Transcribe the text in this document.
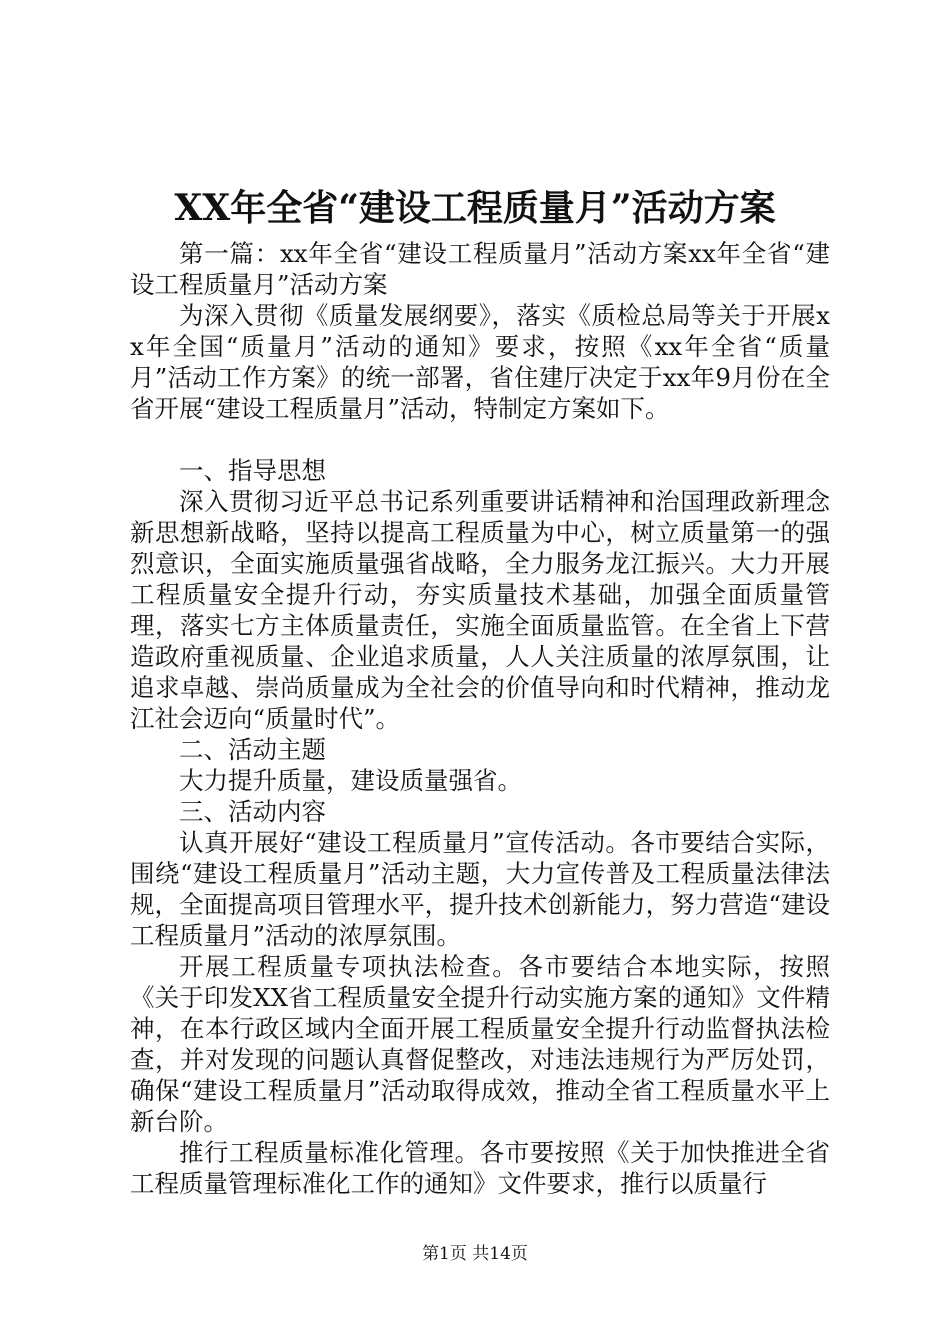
XX年全省“建设工程质量月”活动方案

第一篇：xx年全省“建设工程质量月”活动方案xx年全省“建设工程质量月”活动方案

为深入贯彻《质量发展纲要》，落实《质检总局等关于开展xx年全国“质量月”活动的通知》要求，按照《xx年全省“质量月”活动工作方案》的统一部署，省住建厅决定于xx年9月份在全省开展“建设工程质量月”活动，特制定方案如下。

一、指导思想

深入贯彻习近平总书记系列重要讲话精神和治国理政新理念新思想新战略，坚持以提高工程质量为中心，树立质量第一的强烈意识，全面实施质量强省战略，全力服务龙江振兴。大力开展工程质量安全提升行动，夯实质量技术基础，加强全面质量管理，落实七方主体质量责任，实施全面质量监管。在全省上下营造政府重视质量、企业追求质量，人人关注质量的浓厚氛围，让追求卓越、崇尚质量成为全社会的价值导向和时代精神，推动龙江社会迈向“质量时代”。

二、活动主题

大力提升质量，建设质量强省。

三、活动内容

认真开展好“建设工程质量月”宣传活动。各市要结合实际，围绕“建设工程质量月”活动主题，大力宣传普及工程质量法律法规，全面提高项目管理水平，提升技术创新能力，努力营造“建设工程质量月”活动的浓厚氛围。

开展工程质量专项执法检查。各市要结合本地实际，按照《关于印发XX省工程质量安全提升行动实施方案的通知》文件精神，在本行政区域内全面开展工程质量安全提升行动监督执法检查，并对发现的问题认真督促整改，对违法违规行为严厉处罚，确保“建设工程质量月”活动取得成效，推动全省工程质量水平上新台阶。

推行工程质量标准化管理。各市要按照《关于加快推进全省工程质量管理标准化工作的通知》文件要求，推行以质量行

第1页 共14页
